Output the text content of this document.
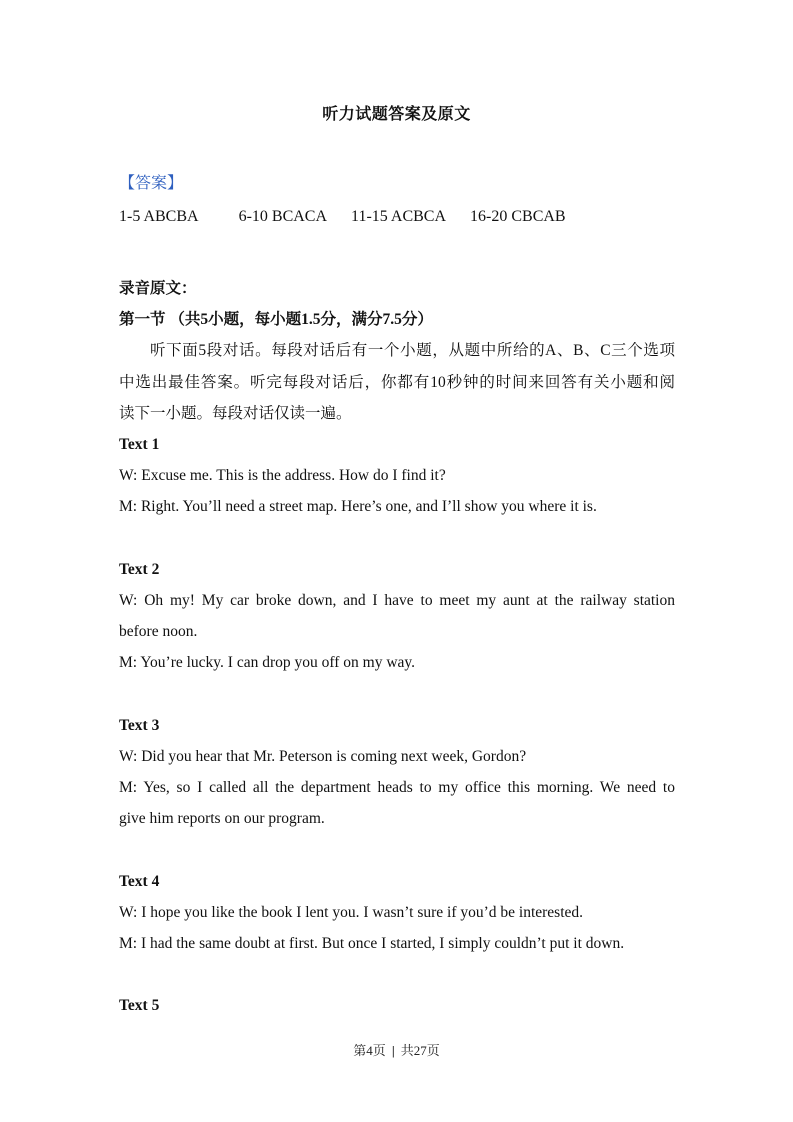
听力试题答案及原文
【答案】
1-5 ABCBA	6-10 BCACA 11-15 ACBCA 16-20 CBCAB
录音原文：
第一节 （共5小题，每小题1.5分，满分7.5分）
听下面5段对话。每段对话后有一个小题，从题中所给的A、B、C三个选项
中选出最佳答案。听完每段对话后，你都有10秒钟的时间来回答有关小题和阅
读下一小题。每段对话仅读一遍。
Text 1
W: Excuse me. This is the address. How do I find it?
M: Right. You’ll need a street map. Here’s one, and I’ll show you where it is.
Text 2
W: Oh my! My car broke down, and I have to meet my aunt at the railway station
before noon.
M: You’re lucky. I can drop you off on my way.
Text 3
W: Did you hear that Mr. Peterson is coming next week, Gordon?
M: Yes, so I called all the department heads to my office this morning. We need to
give him reports on our program.
Text 4
W: I hope you like the book I lent you. I wasn’t sure if you’d be interested.
M: I had the same doubt at first. But once I started, I simply couldn’t put it down.
Text 5
第4页 | 共27页
